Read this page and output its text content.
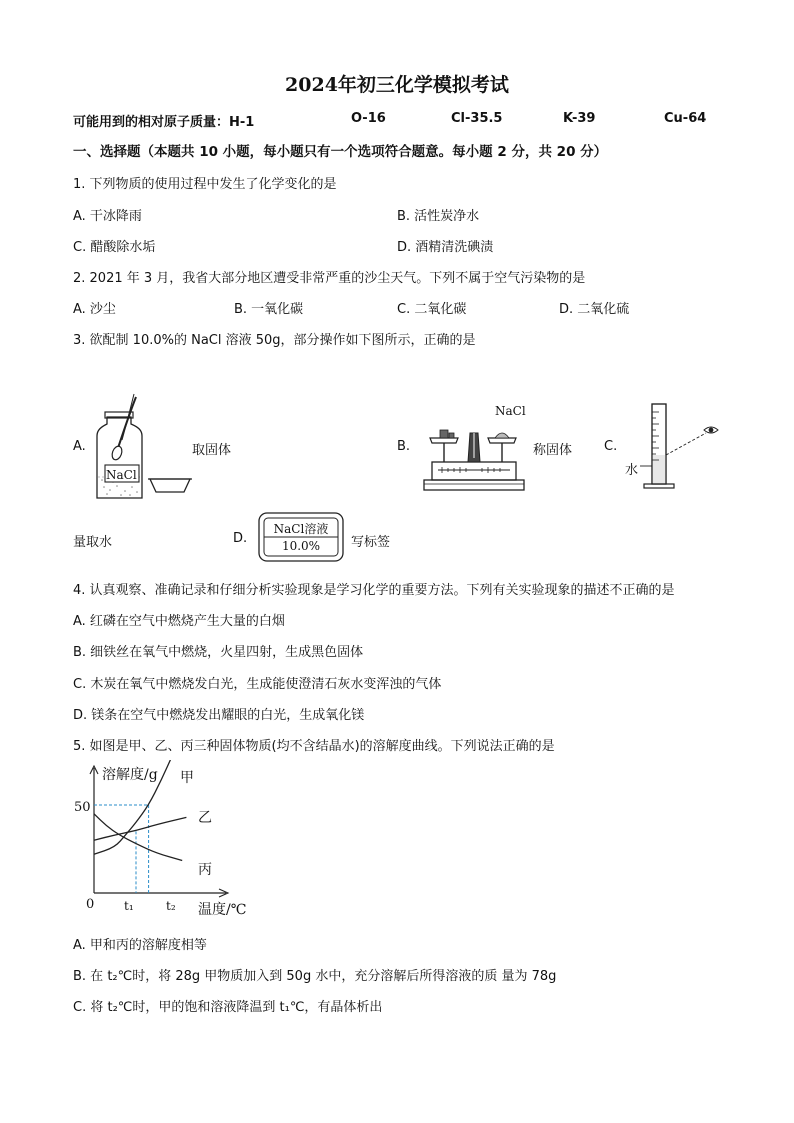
2024年初三化学模拟考试
可能用到的相对原子质量：H-1	O-16	Cl-35.5	K-39	Cu-64
一、选择题（本题共 10 小题，每小题只有一个选项符合题意。每小题 2 分，共 20 分）
1. 下列物质的使用过程中发生了化学变化的是
A. 干冰降雨	B. 活性炭净水
C. 醋酸除水垢	D. 酒精清洗碘渍
2. 2021 年 3 月，我省大部分地区遭受非常严重的沙尘天气。下列不属于空气污染物的是
A. 沙尘	B. 一氧化碳	C. 二氧化碳	D. 二氧化硫
3. 欲配制 10.0%的 NaCl 溶液 50g，部分操作如下图所示，正确的是
A.
NaCl
取固体	B.
NaCl
称固体 C.
水
量取水	D.
NaCl溶液
10.0%	写标签
4. 认真观察、准确记录和仔细分析实验现象是学习化学的重要方法。下列有关实验现象的描述不正确的是
A. 红磷在空气中燃烧产生大量的白烟
B. 细铁丝在氧气中燃烧，火星四射，生成黑色固体
C. 木炭在氧气中燃烧发白光，生成能使澄清石灰水变浑浊的气体
D. 镁条在空气中燃烧发出耀眼的白光，生成氧化镁
5. 如图是甲、乙、丙三种固体物质(均不含结晶水)的溶解度曲线。下列说法正确的是
溶解度/g
温度/℃
0
50
t₁	t₂
甲
乙
丙
A. 甲和丙的溶解度相等
B. 在 t₂℃时，将 28g 甲物质加入到 50g 水中，充分溶解后所得溶液的质 量为 78g
C. 将 t₂℃时，甲的饱和溶液降温到 t₁℃，有晶体析出
